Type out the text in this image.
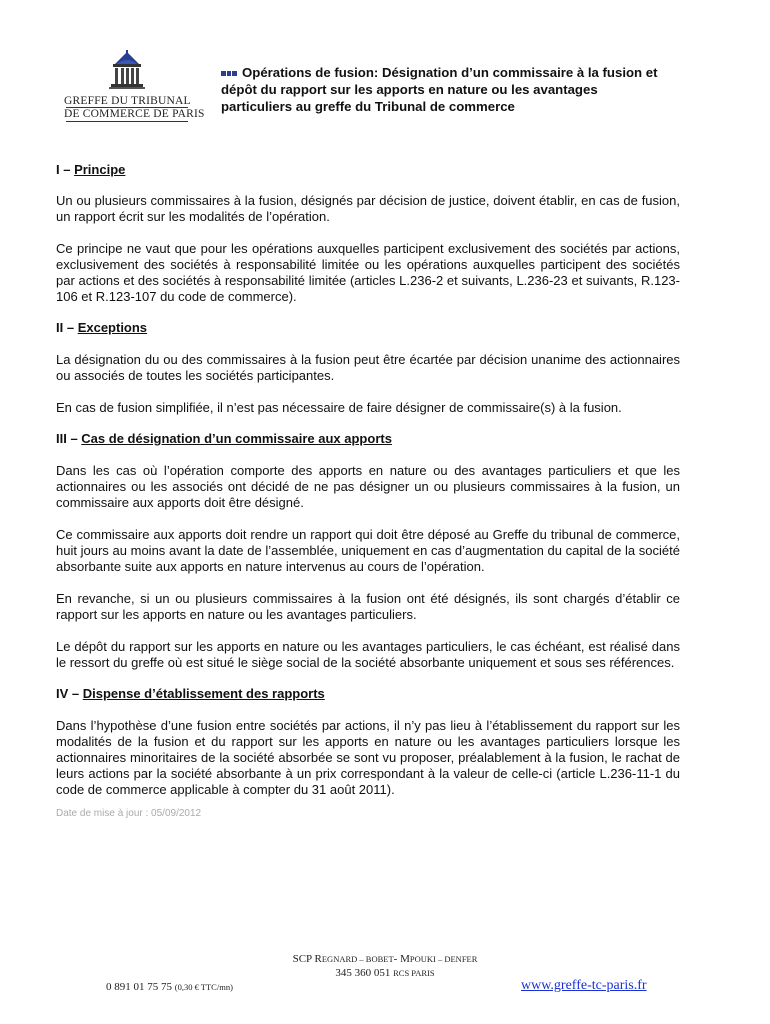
GREFFE DU TRIBUNAL
DE COMMERCE DE PARIS
Opérations de fusion: Désignation d’un commissaire à la fusion et dépôt du rapport sur les apports en nature ou les avantages particuliers au greffe du Tribunal de commerce
I – Principe

Un ou plusieurs commissaires à la fusion, désignés par décision de justice, doivent établir, en cas de fusion, un rapport écrit sur les modalités de l’opération.

Ce principe ne vaut que pour les opérations auxquelles participent exclusivement des sociétés par actions, exclusivement des sociétés à responsabilité limitée ou les opérations auxquelles participent des sociétés par actions et des sociétés à responsabilité limitée (articles L.236-2 et suivants, L.236-23 et suivants, R.123-106 et R.123-107 du code de commerce).

II – Exceptions

La désignation du ou des commissaires à la fusion peut être écartée par décision unanime des actionnaires ou associés de toutes les sociétés participantes.

En cas de fusion simplifiée, il n’est pas nécessaire de faire désigner de commissaire(s) à la fusion.

III – Cas de désignation d’un commissaire aux apports

Dans les cas où l’opération comporte des apports en nature ou des avantages particuliers et que les actionnaires ou les associés ont décidé de ne pas désigner un ou plusieurs commissaires à la fusion, un commissaire aux apports doit être désigné.

Ce commissaire aux apports doit rendre un rapport qui doit être déposé au Greffe du tribunal de commerce, huit jours au moins avant la date de l’assemblée, uniquement en cas d’augmentation du capital de la société absorbante suite aux apports en nature intervenus au cours de l’opération.

En revanche, si un ou plusieurs commissaires à la fusion ont été désignés, ils sont chargés d’établir ce rapport sur les apports en nature ou les avantages particuliers.

Le dépôt du rapport sur les apports en nature ou les avantages particuliers, le cas échéant, est réalisé dans le ressort du greffe où est situé le siège social de la société absorbante uniquement et sous ses références.

IV – Dispense d’établissement des rapports

Dans l’hypothèse d’une fusion entre sociétés par actions, il n’y pas lieu à l’établissement du rapport sur les modalités de la fusion et du rapport sur les apports en nature ou les avantages particuliers lorsque les actionnaires minoritaires de la société absorbée se sont vu proposer, préalablement à la fusion, le rachat de leurs actions par la société absorbante à un prix correspondant à la valeur de celle-ci (article L.236-11-1 du code de commerce applicable à compter du 31 août 2011).

Date de mise à jour : 05/09/2012
SCP REGNARD – BOBET- MPOUKI – DENFER
345 360 051 RCS PARIS
0 891 01 75 75 (0,30 € TTC/mn)	www.greffe-tc-paris.fr
